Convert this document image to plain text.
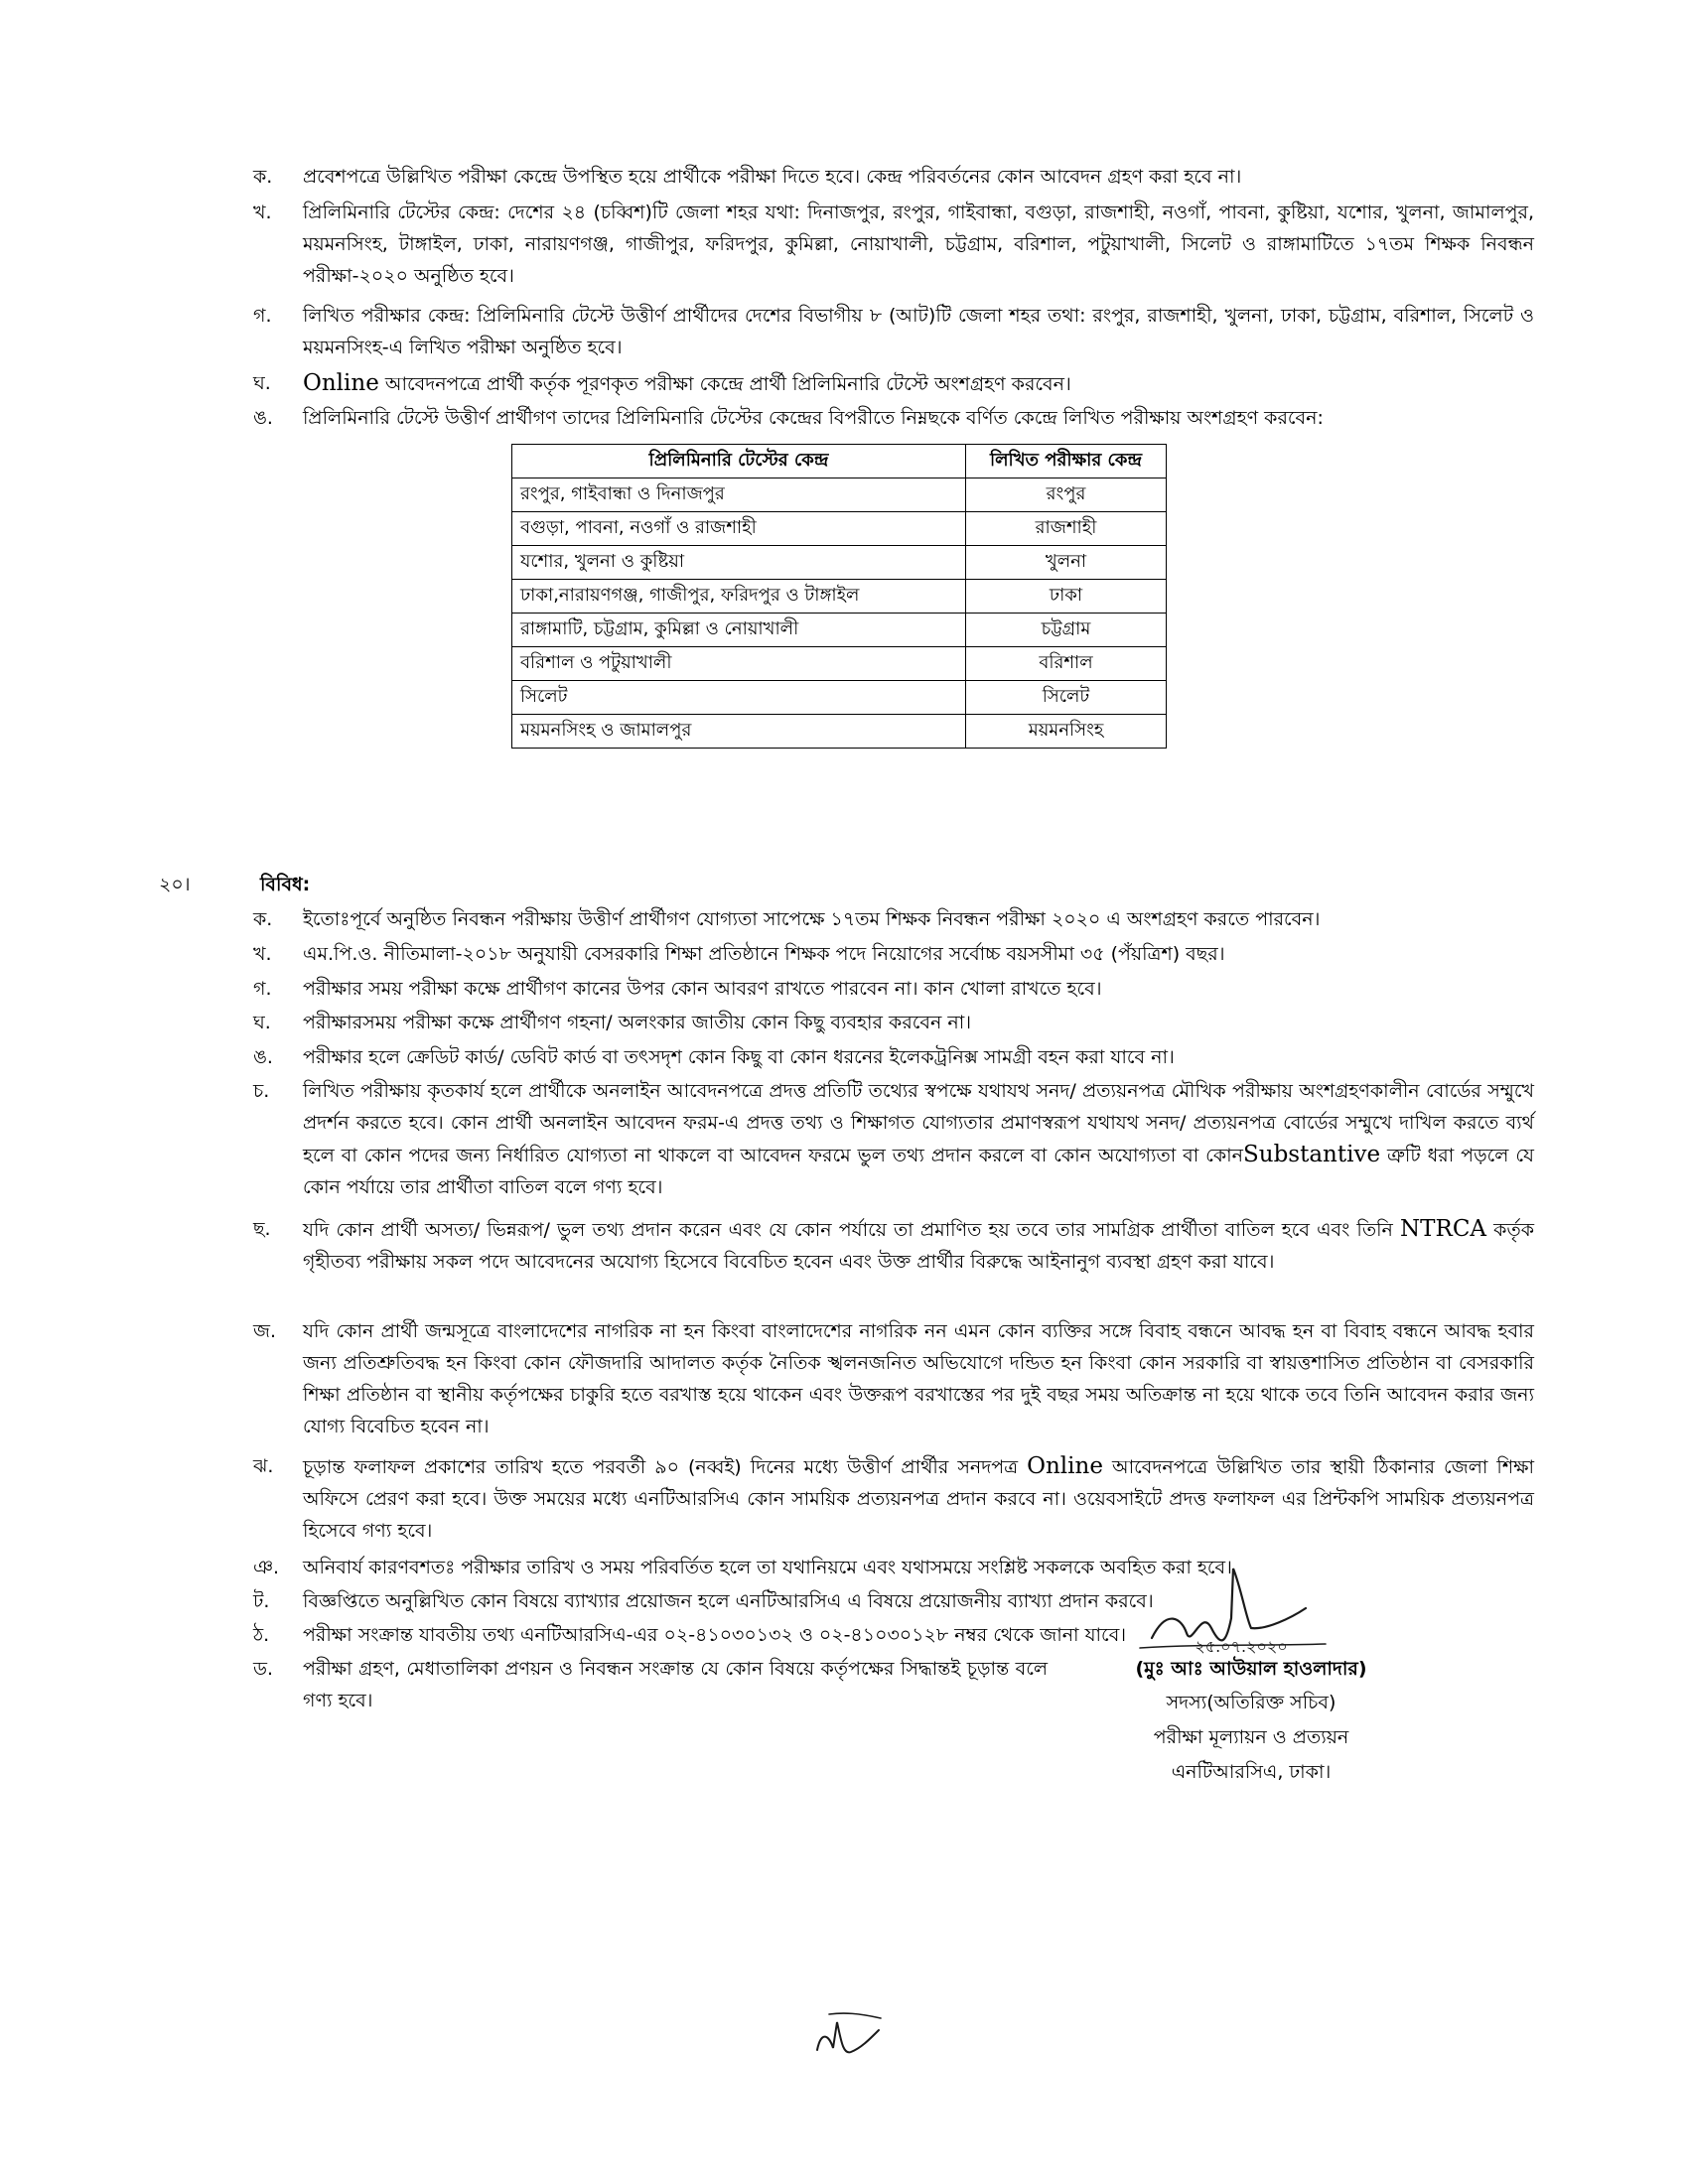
ক.	প্রবেশপত্রে উল্লিখিত পরীক্ষা কেন্দ্রে উপস্থিত হয়ে প্রার্থীকে পরীক্ষা দিতে হবে। কেন্দ্র পরিবর্তনের কোন আবেদন গ্রহণ করা হবে না।
খ.	প্রিলিমিনারি টেস্টের কেন্দ্র: দেশের ২৪ (চব্বিশ)টি জেলা শহর যথা: দিনাজপুর, রংপুর, গাইবান্ধা, বগুড়া, রাজশাহী, নওগাঁ, পাবনা, কুষ্টিয়া, যশোর, খুলনা, জামালপুর, ময়মনসিংহ, টাঙ্গাইল, ঢাকা, নারায়ণগঞ্জ, গাজীপুর, ফরিদপুর, কুমিল্লা, নোয়াখালী, চট্টগ্রাম, বরিশাল, পটুয়াখালী, সিলেট ও রাঙ্গামাটিতে ১৭তম শিক্ষক নিবন্ধন পরীক্ষা-২০২০ অনুষ্ঠিত হবে।
গ.	লিখিত পরীক্ষার কেন্দ্র: প্রিলিমিনারি টেস্টে উত্তীর্ণ প্রার্থীদের দেশের বিভাগীয় ৮ (আট)টি জেলা শহর তথা: রংপুর, রাজশাহী, খুলনা, ঢাকা, চট্টগ্রাম, বরিশাল, সিলেট ও ময়মনসিংহ-এ লিখিত পরীক্ষা অনুষ্ঠিত হবে।
ঘ.	Online আবেদনপত্রে প্রার্থী কর্তৃক পূরণকৃত পরীক্ষা কেন্দ্রে প্রার্থী প্রিলিমিনারি টেস্টে অংশগ্রহণ করবেন।
ঙ.	প্রিলিমিনারি টেস্টে উত্তীর্ণ প্রার্থীগণ তাদের প্রিলিমিনারি টেস্টের কেন্দ্রের বিপরীতে নিম্নছকে বর্ণিত কেন্দ্রে লিখিত পরীক্ষায় অংশগ্রহণ করবেন:
প্রিলিমিনারি টেস্টের কেন্দ্র	লিখিত পরীক্ষার কেন্দ্র
রংপুর, গাইবান্ধা ও দিনাজপুর	রংপুর
বগুড়া, পাবনা, নওগাঁ ও রাজশাহী	রাজশাহী
যশোর, খুলনা ও কুষ্টিয়া	খুলনা
ঢাকা,নারায়ণগঞ্জ, গাজীপুর, ফরিদপুর ও টাঙ্গাইল	ঢাকা
রাঙ্গামাটি, চট্টগ্রাম, কুমিল্লা ও নোয়াখালী	চট্টগ্রাম
বরিশাল ও পটুয়াখালী	বরিশাল
সিলেট	সিলেট
ময়মনসিংহ ও জামালপুর	ময়মনসিংহ
২০।	বিবিধ:
ক.	ইতোঃপূর্বে অনুষ্ঠিত নিবন্ধন পরীক্ষায় উত্তীর্ণ প্রার্থীগণ যোগ্যতা সাপেক্ষে ১৭তম শিক্ষক নিবন্ধন পরীক্ষা ২০২০ এ অংশগ্রহণ করতে পারবেন।
খ.	এম.পি.ও. নীতিমালা-২০১৮ অনুযায়ী বেসরকারি শিক্ষা প্রতিষ্ঠানে শিক্ষক পদে নিয়োগের সর্বোচ্চ বয়সসীমা ৩৫ (পঁয়ত্রিশ) বছর।
গ.	পরীক্ষার সময় পরীক্ষা কক্ষে প্রার্থীগণ কানের উপর কোন আবরণ রাখতে পারবেন না। কান খোলা রাখতে হবে।
ঘ.	পরীক্ষারসময় পরীক্ষা কক্ষে প্রার্থীগণ গহনা/ অলংকার জাতীয় কোন কিছু ব্যবহার করবেন না।
ঙ.	পরীক্ষার হলে ক্রেডিট কার্ড/ ডেবিট কার্ড বা তৎসদৃশ কোন কিছু বা কোন ধরনের ইলেকট্রনিক্স সামগ্রী বহন করা যাবে না।
চ.	লিখিত পরীক্ষায় কৃতকার্য হলে প্রার্থীকে অনলাইন আবেদনপত্রে প্রদত্ত প্রতিটি তথ্যের স্বপক্ষে যথাযথ সনদ/ প্রত্যয়নপত্র মৌখিক পরীক্ষায় অংশগ্রহণকালীন বোর্ডের সম্মুখে প্রদর্শন করতে হবে। কোন প্রার্থী অনলাইন আবেদন ফরম-এ প্রদত্ত তথ্য ও শিক্ষাগত যোগ্যতার প্রমাণস্বরূপ যথাযথ সনদ/ প্রত্যয়নপত্র বোর্ডের সম্মুখে দাখিল করতে ব্যর্থ হলে বা কোন পদের জন্য নির্ধারিত যোগ্যতা না থাকলে বা আবেদন ফরমে ভুল তথ্য প্রদান করলে বা কোন অযোগ্যতা বা কোনSubstantive ত্রুটি ধরা পড়লে যে কোন পর্যায়ে তার প্রার্থীতা বাতিল বলে গণ্য হবে।
ছ.	যদি কোন প্রার্থী অসত্য/ ভিন্নরূপ/ ভুল তথ্য প্রদান করেন এবং যে কোন পর্যায়ে তা প্রমাণিত হয় তবে তার সামগ্রিক প্রার্থীতা বাতিল হবে এবং তিনি NTRCA কর্তৃক গৃহীতব্য পরীক্ষায় সকল পদে আবেদনের অযোগ্য হিসেবে বিবেচিত হবেন এবং উক্ত প্রার্থীর বিরুদ্ধে আইনানুগ ব্যবস্থা গ্রহণ করা যাবে।
জ.	যদি কোন প্রার্থী জন্মসূত্রে বাংলাদেশের নাগরিক না হন কিংবা বাংলাদেশের নাগরিক নন এমন কোন ব্যক্তির সঙ্গে বিবাহ বন্ধনে আবদ্ধ হন বা বিবাহ বন্ধনে আবদ্ধ হবার জন্য প্রতিশ্রুতিবদ্ধ হন কিংবা কোন ফৌজদারি আদালত কর্তৃক নৈতিক স্খলনজনিত অভিযোগে দন্ডিত হন কিংবা কোন সরকারি বা স্বায়ত্তশাসিত প্রতিষ্ঠান বা বেসরকারি শিক্ষা প্রতিষ্ঠান বা স্থানীয় কর্তৃপক্ষের চাকুরি হতে বরখাস্ত হয়ে থাকেন এবং উক্তরূপ বরখাস্তের পর দুই বছর সময় অতিক্রান্ত না হয়ে থাকে তবে তিনি আবেদন করার জন্য যোগ্য বিবেচিত হবেন না।
ঝ.	চূড়ান্ত ফলাফল প্রকাশের তারিখ হতে পরবর্তী ৯০ (নব্বই) দিনের মধ্যে উত্তীর্ণ প্রার্থীর সনদপত্র Online আবেদনপত্রে উল্লিখিত তার স্থায়ী ঠিকানার জেলা শিক্ষা অফিসে প্রেরণ করা হবে। উক্ত সময়ের মধ্যে এনটিআরসিএ কোন সাময়িক প্রত্যয়নপত্র প্রদান করবে না। ওয়েবসাইটে প্রদত্ত ফলাফল এর প্রিন্টকপি সাময়িক প্রত্যয়নপত্র হিসেবে গণ্য হবে।
ঞ.	অনিবার্য কারণবশতঃ পরীক্ষার তারিখ ও সময় পরিবর্তিত হলে তা যথানিয়মে এবং যথাসময়ে সংশ্লিষ্ট সকলকে অবহিত করা হবে।
ট.	বিজ্ঞপ্তিতে অনুল্লিখিত কোন বিষয়ে ব্যাখ্যার প্রয়োজন হলে এনটিআরসিএ এ বিষয়ে প্রয়োজনীয় ব্যাখ্যা প্রদান করবে।
ঠ.	পরীক্ষা সংক্রান্ত যাবতীয় তথ্য এনটিআরসিএ-এর ০২-৪১০৩০১৩২ ও ০২-৪১০৩০১২৮ নম্বর থেকে জানা যাবে।
ড.	পরীক্ষা গ্রহণ, মেধাতালিকা প্রণয়ন ও নিবন্ধন সংক্রান্ত যে কোন বিষয়ে কর্তৃপক্ষের সিদ্ধান্তই চূড়ান্ত বলে গণ্য হবে।
২৫.০৭.২০২০
(মুঃ আঃ আউয়াল হাওলাদার)
সদস্য(অতিরিক্ত সচিব)
পরীক্ষা মূল্যায়ন ও প্রত্যয়ন
এনটিআরসিএ, ঢাকা।
